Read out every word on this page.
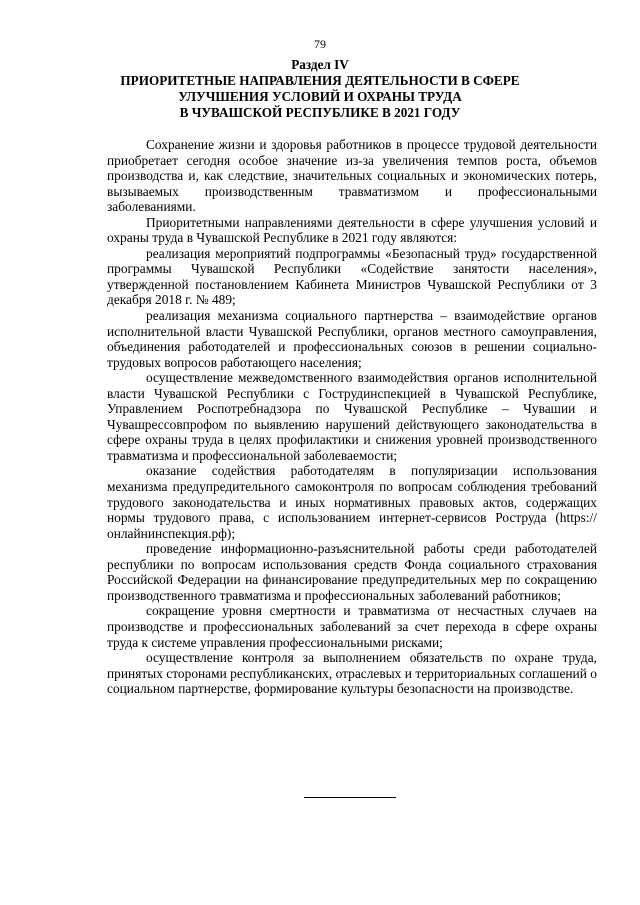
79
Раздел IV
ПРИОРИТЕТНЫЕ НАПРАВЛЕНИЯ ДЕЯТЕЛЬНОСТИ В СФЕРЕ
УЛУЧШЕНИЯ УСЛОВИЙ И ОХРАНЫ ТРУДА
В ЧУВАШСКОЙ РЕСПУБЛИКЕ В 2021 ГОДУ

Сохранение жизни и здоровья работников в процессе трудовой деятельности приобретает сегодня особое значение из-за увеличения темпов роста, объемов производства и, как следствие, значительных социальных и экономических потерь, вызываемых производственным травматизмом и профессиональными заболеваниями.

Приоритетными направлениями деятельности в сфере улучшения условий и охраны труда в Чувашской Республике в 2021 году являются:

реализация мероприятий подпрограммы «Безопасный труд» государственной программы Чувашской Республики «Содействие занятости населения», утвержденной постановлением Кабинета Министров Чувашской Республики от 3 декабря 2018 г. № 489;

реализация механизма социального партнерства – взаимодействие органов исполнительной власти Чувашской Республики, органов местного самоуправления, объединения работодателей и профессиональных союзов в решении социально-трудовых вопросов работающего населения;

осуществление межведомственного взаимодействия органов исполнительной власти Чувашской Республики с Гострудинспекцией в Чувашской Республике, Управлением Роспотребнадзора по Чувашской Республике – Чувашии и Чувашрессовпрофом по выявлению нарушений действующего законодательства в сфере охраны труда в целях профилактики и снижения уровней производственного травматизма и профессиональной заболеваемости;

оказание содействия работодателям в популяризации использования механизма предупредительного самоконтроля по вопросам соблюдения требований трудового законодательства и иных нормативных правовых актов, содержащих нормы трудового права, с использованием интернет-сервисов Роструда (https://онлайнинспекция.рф);

проведение информационно-разъяснительной работы среди работодателей республики по вопросам использования средств Фонда социального страхования Российской Федерации на финансирование предупредительных мер по сокращению производственного травматизма и профессиональных заболеваний работников;

сокращение уровня смертности и травматизма от несчастных случаев на производстве и профессиональных заболеваний за счет перехода в сфере охраны труда к системе управления профессиональными рисками;

осуществление контроля за выполнением обязательств по охране труда, принятых сторонами республиканских, отраслевых и территориальных соглашений о социальном партнерстве, формирование культуры безопасности на производстве.
